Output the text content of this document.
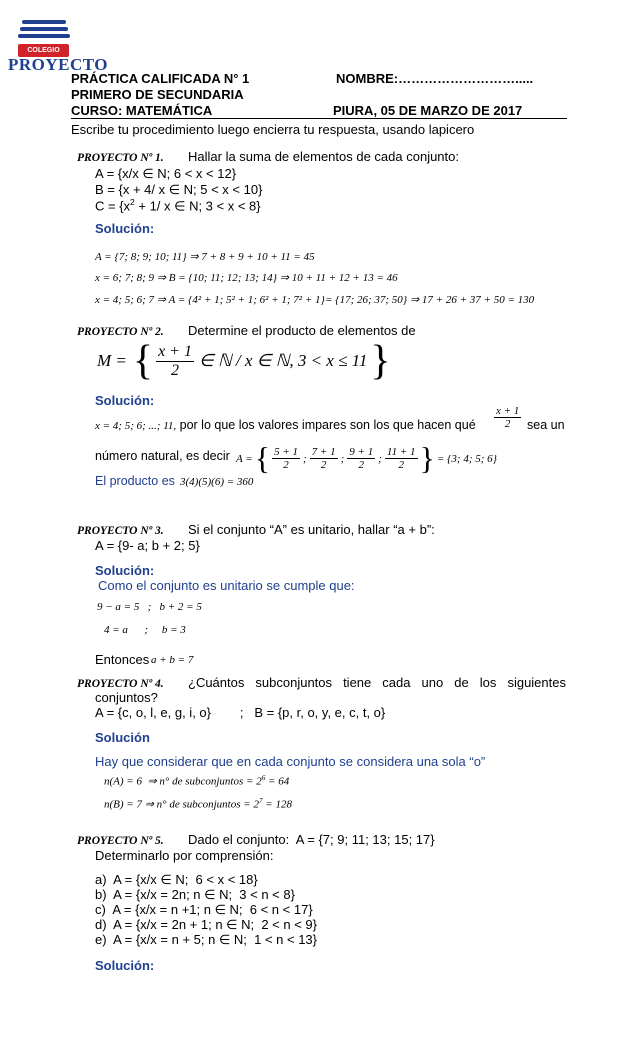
COLEGIO
PROYECTO
PRÁCTICA CALIFICADA N° 1	NOMBRE:……………………….....
PRIMERO DE SECUNDARIA
CURSO: MATEMÁTICA	PIURA, 05 DE MARZO DE 2017
Escribe tu procedimiento luego encierra tu respuesta, usando lapicero
PROYECTO Nº 1. Hallar la suma de elementos de cada conjunto:
A = {x/x ∈ N; 6 < x < 12}
B = {x + 4/ x ∈ N; 5 < x < 10}
$C = \{x^2 + 1/$ x ∈ N; 3 < x < 8}
Solución:
A = {7; 8; 9; 10; 11} ⇒ 7 + 8 + 9 + 10 + 11 = 45
x = 6; 7; 8; 9 ⇒ B = {10; 11; 12; 13; 14} ⇒ 10 + 11 + 12 + 13 = 46
x = 4; 5; 6; 7 ⇒ A = {4² + 1; 5² + 1; 6² + 1; 7² + 1} = {17; 26; 37; 50} ⇒ 17 + 26 + 37 + 50 = 130
PROYECTO Nº 2. Determine el producto de elementos de
M = { $\frac{x + 1}{2}$ ∈ ℕ / x ∈ ℕ, 3 < x ≤ 11 }
Solución:
x = 4; 5; 6; ...; 11, por lo que los valores impares son los que hacen qué	$\frac{x + 1}{2}$ sea un
número natural, es decir A = { $\frac{5 + 1}{2}$ ; $\frac{7 + 1}{2}$ ; $\frac{9 + 1}{2}$ ; $\frac{11 + 1}{2}$ } = {3; 4; 5; 6}
El producto es 3(4)(5)(6) = 360
PROYECTO Nº 3. Si el conjunto “A” es unitario, hallar “a + b”:
A = {9- a; b + 2; 5}
Solución:
Como el conjunto es unitario se cumple que:
9 − a = 5   ;   b + 2 = 5
4 = a      ;     b = 3
Entonces a + b = 7
PROYECTO Nº 4. ¿Cuántos subconjuntos tiene cada uno de los siguientes
conjuntos?
A = {c, o, l, e, g, i, o}        ;   B = {p, r, o, y, e, c, t, o}
Solución
Hay que considerar que en cada conjunto se considera una sola “o”
n(A) = 6  ⇒ n° de subconjuntos = $2^6 = 64$
n(B) = 7 ⇒ n° de subconjuntos = $2^7 = 128$
PROYECTO Nº 5. Dado el conjunto:  A = {7; 9; 11; 13; 15; 17}
Determinarlo por comprensión:
a)  A = {x/x ∈ N;  6 < x < 18}
b)  A = {x/x = 2n; n ∈ N;  3 < n < 8}
c)  A = {x/x = n +1; n ∈ N;  6 < n < 17}
d)  A = {x/x = 2n + 1; n ∈ N;  2 < n < 9}
e)  A = {x/x = n + 5; n ∈ N;  1 < n < 13}
Solución:
